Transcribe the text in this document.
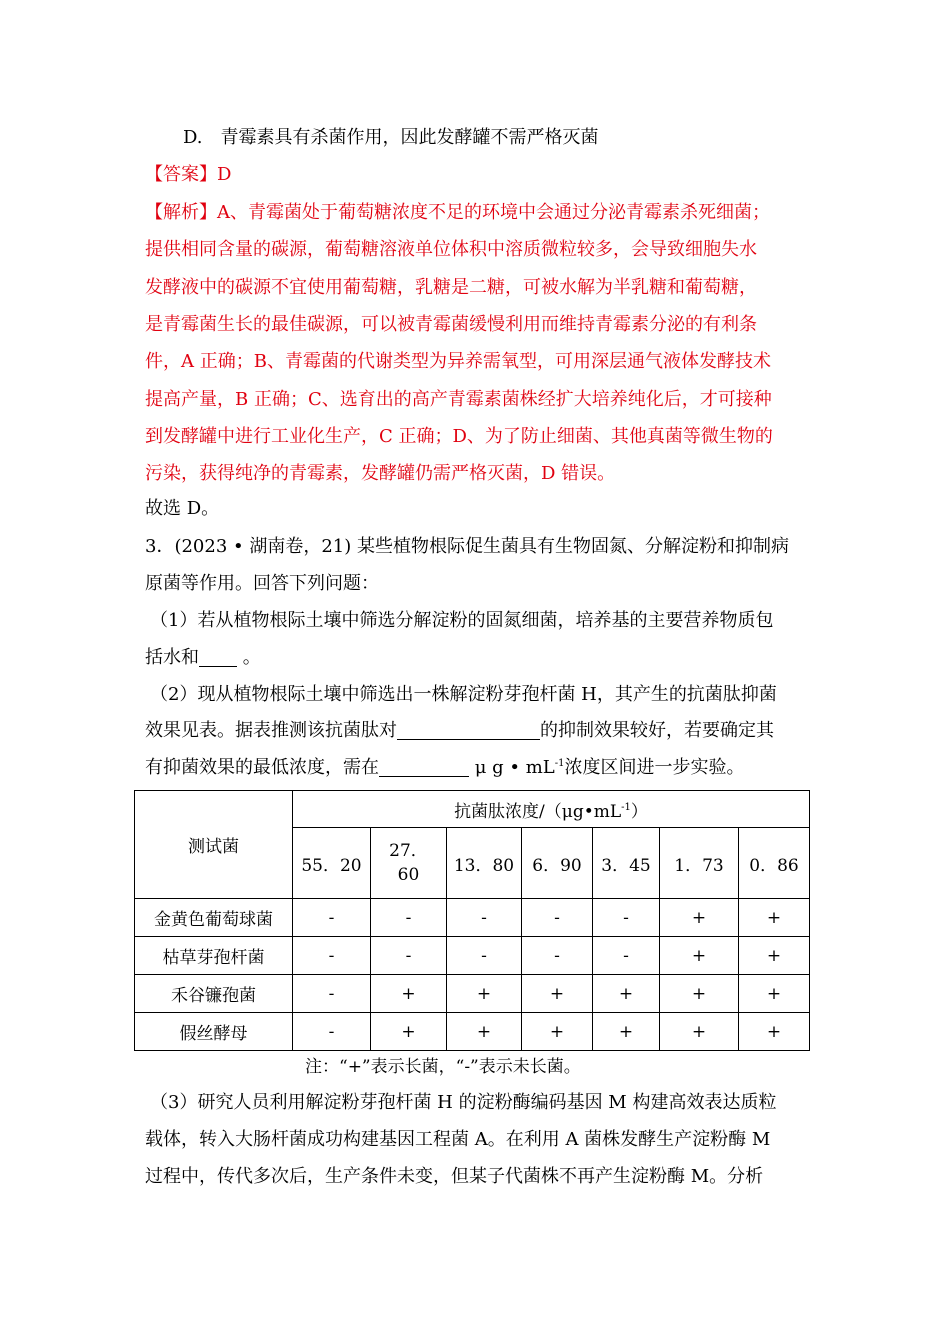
D.　青霉素具有杀菌作用，因此发酵罐不需严格灭菌
【答案】D
【解析】A、青霉菌处于葡萄糖浓度不足的环境中会通过分泌青霉素杀死细菌；
提供相同含量的碳源，葡萄糖溶液单位体积中溶质微粒较多，会导致细胞失水
发酵液中的碳源不宜使用葡萄糖，乳糖是二糖，可被水解为半乳糖和葡萄糖，
是青霉菌生长的最佳碳源，可以被青霉菌缓慢利用而维持青霉素分泌的有利条
件，A 正确；B、青霉菌的代谢类型为异养需氧型，可用深层通气液体发酵技术
提高产量，B 正确；C、选育出的高产青霉素菌株经扩大培养纯化后，才可接种
到发酵罐中进行工业化生产，C 正确；D、为了防止细菌、其他真菌等微生物的
污染，获得纯净的青霉素，发酵罐仍需严格灭菌，D 错误。
故选 D。
3．(2023 • 湖南卷，21) 某些植物根际促生菌具有生物固氮、分解淀粉和抑制病
原菌等作用。回答下列问题：
（1）若从植物根际土壤中筛选分解淀粉的固氮细菌，培养基的主要营养物质包
括水和 。
（2）现从植物根际土壤中筛选出一株解淀粉芽孢杆菌 H，其产生的抗菌肽抑菌
效果见表。据表推测该抗菌肽对	的抑制效果较好，若要确定其
有抑菌效果的最低浓度，需在	μ g • $mL^{-1}$浓度区间进一步实验。
测试菌	抗菌肽浓度$/(\mu g•mL^{-1})$						
	55．20	27．60	13．80	6．90	3．45	1．73	0．86
金黄色葡萄球菌	-	-	-	-	-	+	+
枯草芽孢杆菌	-	-	-	-	-	+	+
禾谷镰孢菌	-	+	+	+	+	+	+
假丝酵母	-	+	+	+	+	+	+
注：“+”表示长菌，“-”表示未长菌。
（3）研究人员利用解淀粉芽孢杆菌 H 的淀粉酶编码基因 M 构建高效表达质粒
载体，转入大肠杆菌成功构建基因工程菌 A。在利用 A 菌株发酵生产淀粉酶 M
过程中，传代多次后，生产条件未变，但某子代菌株不再产生淀粉酶 M。分析
